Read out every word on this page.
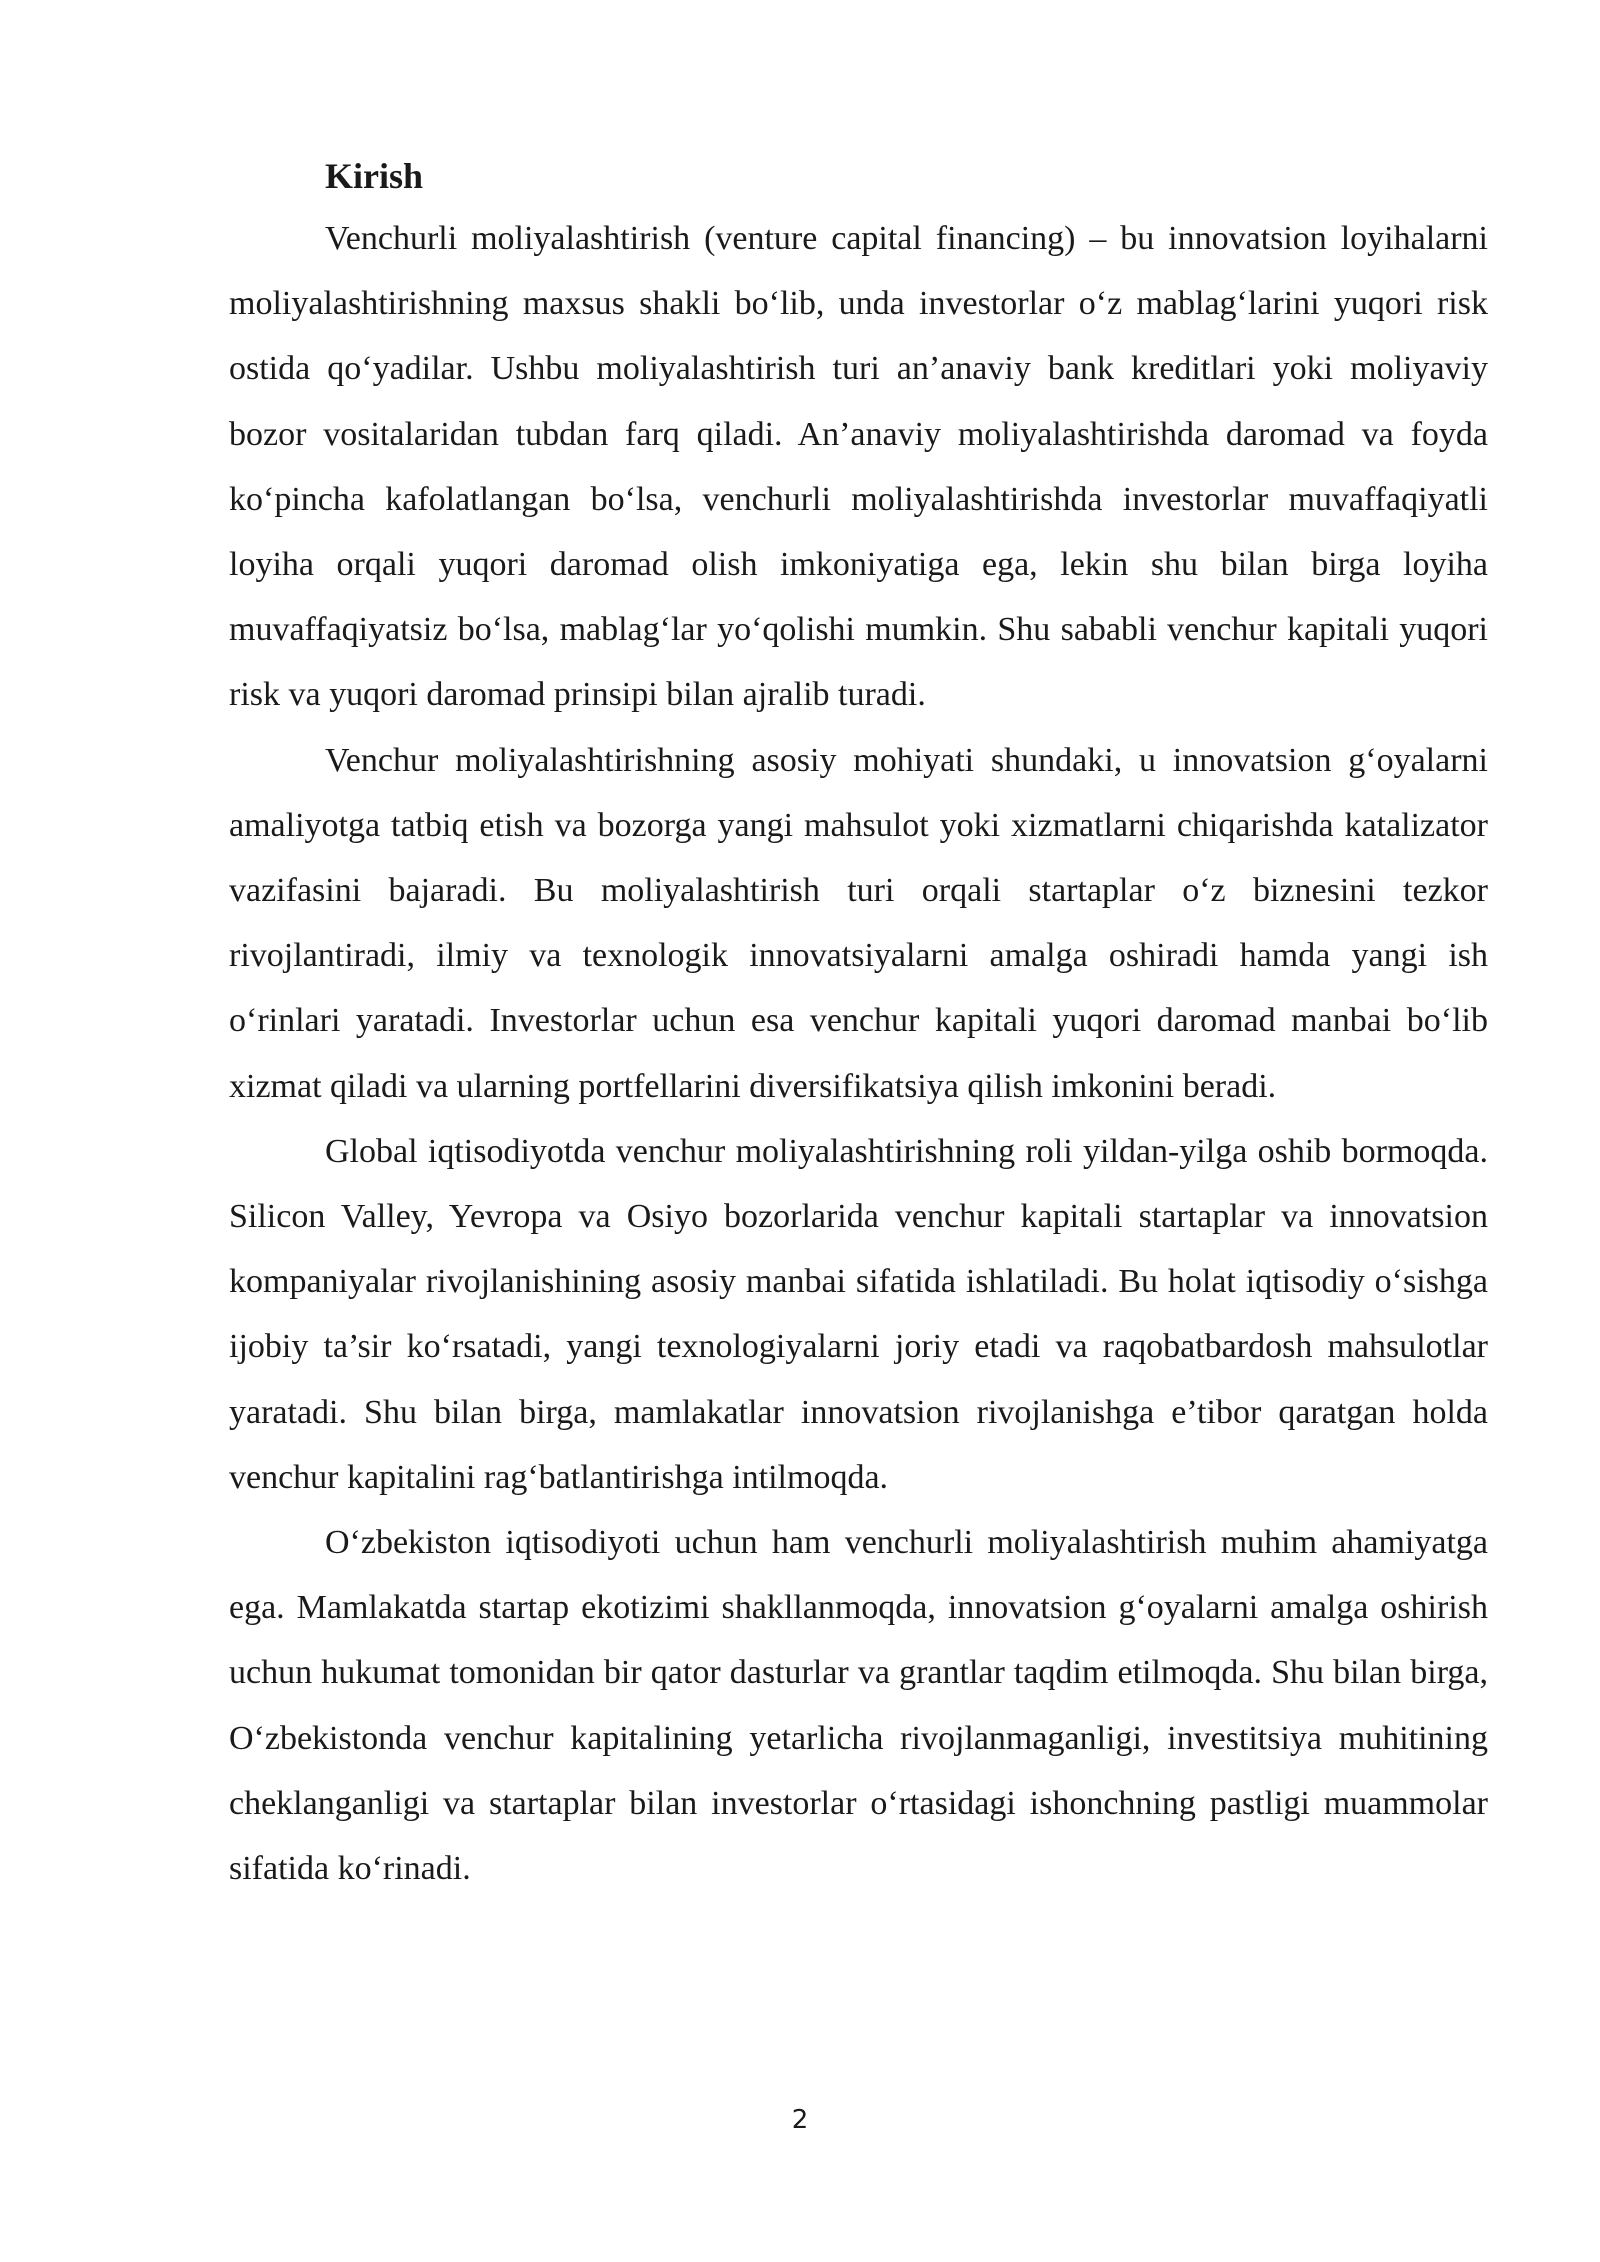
Kirish

Venchurli moliyalashtirish (venture capital financing) – bu innovatsion loyihalarni moliyalashtirishning maxsus shakli bo‘lib, unda investorlar o‘z mablag‘larini yuqori risk ostida qo‘yadilar. Ushbu moliyalashtirish turi an’anaviy bank kreditlari yoki moliyaviy bozor vositalaridan tubdan farq qiladi. An’anaviy moliyalashtirishda daromad va foyda ko‘pincha kafolatlangan bo‘lsa, venchurli moliyalashtirishda investorlar muvaffaqiyatli loyiha orqali yuqori daromad olish imkoniyatiga ega, lekin shu bilan birga loyiha muvaffaqiyatsiz bo‘lsa, mablag‘lar yo‘qolishi mumkin. Shu sababli venchur kapitali yuqori risk va yuqori daromad prinsipi bilan ajralib turadi.

Venchur moliyalashtirishning asosiy mohiyati shundaki, u innovatsion g‘oyalarni amaliyotga tatbiq etish va bozorga yangi mahsulot yoki xizmatlarni chiqarishda katalizator vazifasini bajaradi. Bu moliyalashtirish turi orqali startaplar o‘z biznesini tezkor rivojlantiradi, ilmiy va texnologik innovatsiyalarni amalga oshiradi hamda yangi ish o‘rinlari yaratadi. Investorlar uchun esa venchur kapitali yuqori daromad manbai bo‘lib xizmat qiladi va ularning portfellarini diversifikatsiya qilish imkonini beradi.

Global iqtisodiyotda venchur moliyalashtirishning roli yildan-yilga oshib bormoqda. Silicon Valley, Yevropa va Osiyo bozorlarida venchur kapitali startaplar va innovatsion kompaniyalar rivojlanishining asosiy manbai sifatida ishlatiladi. Bu holat iqtisodiy o‘sishga ijobiy ta’sir ko‘rsatadi, yangi texnologiyalarni joriy etadi va raqobatbardosh mahsulotlar yaratadi. Shu bilan birga, mamlakatlar innovatsion rivojlanishga e’tibor qaratgan holda venchur kapitalini rag‘batlantirishga intilmoqda.

O‘zbekiston iqtisodiyoti uchun ham venchurli moliyalashtirish muhim ahamiyatga ega. Mamlakatda startap ekotizimi shakllanmoqda, innovatsion g‘oyalarni amalga oshirish uchun hukumat tomonidan bir qator dasturlar va grantlar taqdim etilmoqda. Shu bilan birga, O‘zbekistonda venchur kapitalining yetarlicha rivojlanmaganligi, investitsiya muhitining cheklanganligi va startaplar bilan investorlar o‘rtasidagi ishonchning pastligi muammolar sifatida ko‘rinadi.

2
